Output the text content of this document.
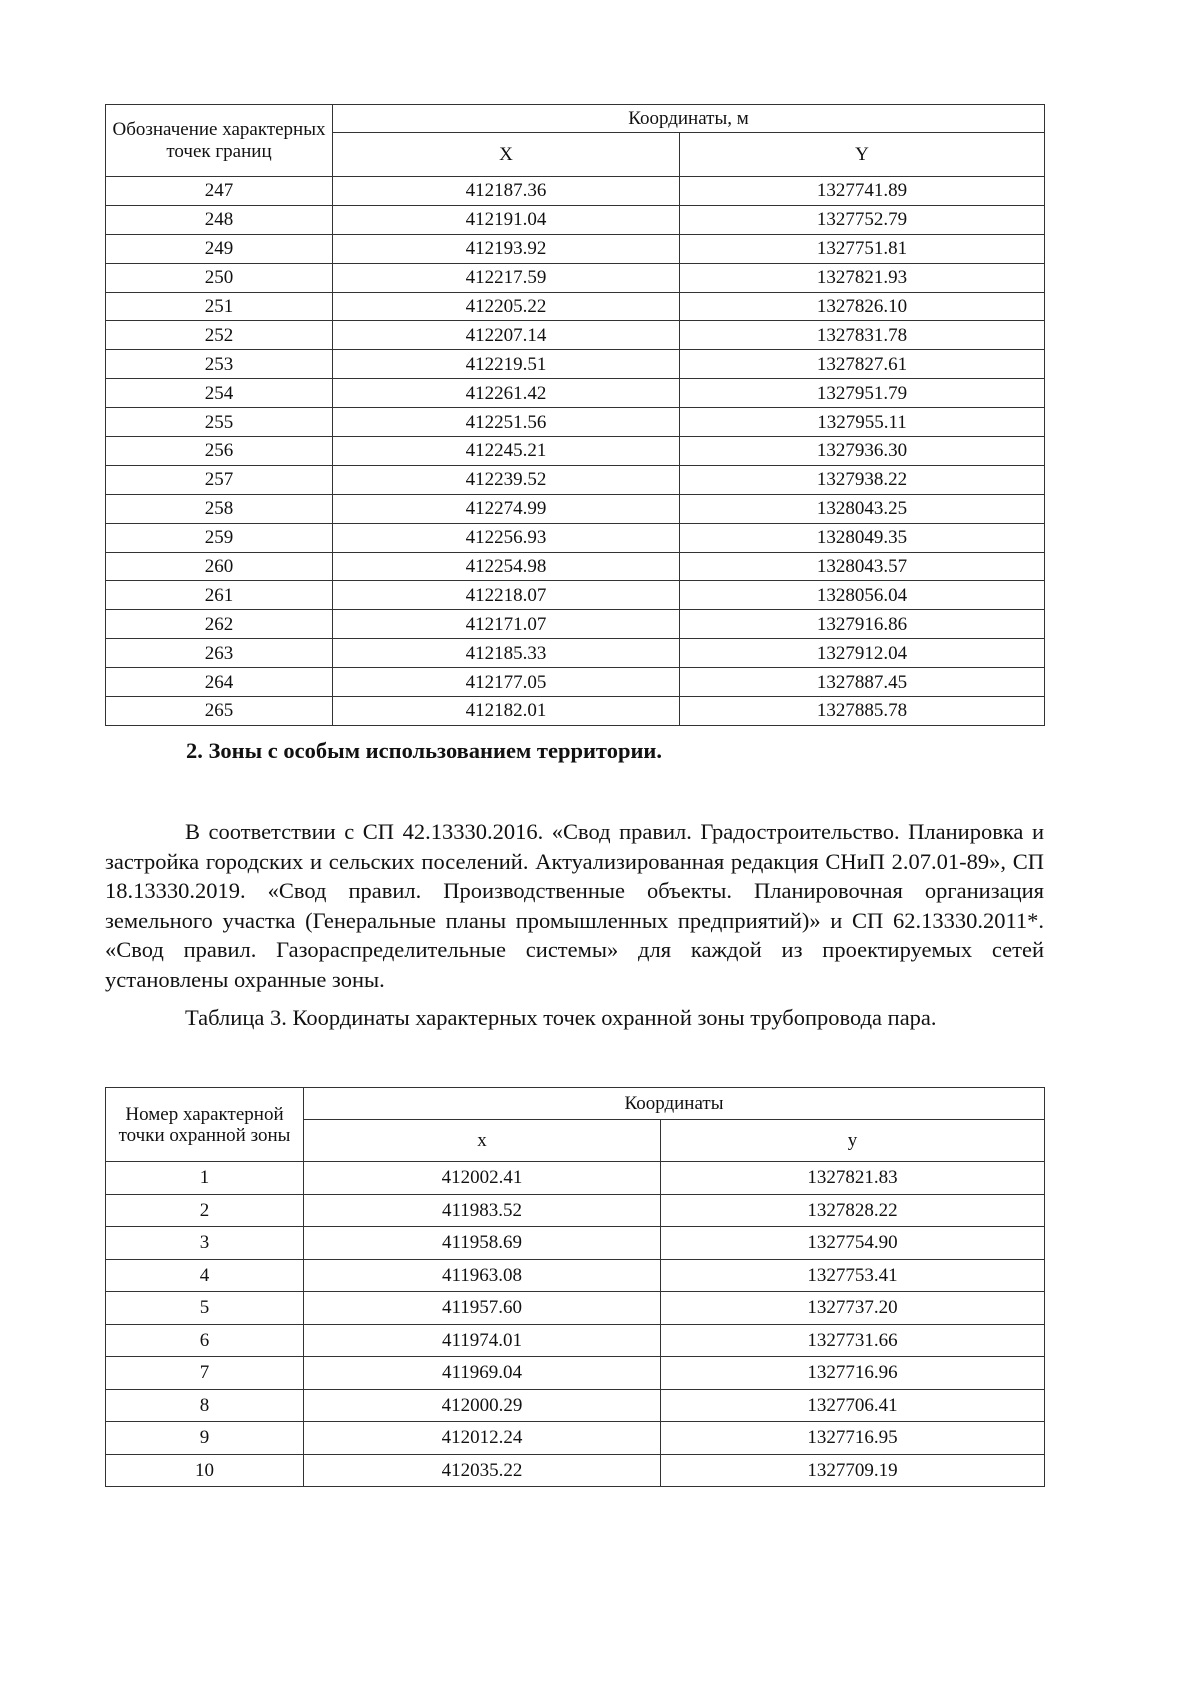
Обозначение характерных точек границ	Координаты, м	
	X	Y
247	412187.36	1327741.89
248	412191.04	1327752.79
249	412193.92	1327751.81
250	412217.59	1327821.93
251	412205.22	1327826.10
252	412207.14	1327831.78
253	412219.51	1327827.61
254	412261.42	1327951.79
255	412251.56	1327955.11
256	412245.21	1327936.30
257	412239.52	1327938.22
258	412274.99	1328043.25
259	412256.93	1328049.35
260	412254.98	1328043.57
261	412218.07	1328056.04
262	412171.07	1327916.86
263	412185.33	1327912.04
264	412177.05	1327887.45
265	412182.01	1327885.78
2. Зоны с особым использованием территории.
В соответствии с СП 42.13330.2016. «Свод правил. Градостроительство. Планировка и застройка городских и сельских поселений. Актуализированная редакция СНиП 2.07.01-89», СП 18.13330.2019. «Свод правил. Производственные объекты. Планировочная организация земельного участка (Генеральные планы промышленных предприятий)» и СП 62.13330.2011*. «Свод правил. Газораспределительные системы» для каждой из проектируемых сетей установлены охранные зоны.
Таблица 3. Координаты характерных точек охранной зоны трубопровода пара.
Номер характерной точки охранной зоны	Координаты	
	x	y
1	412002.41	1327821.83
2	411983.52	1327828.22
3	411958.69	1327754.90
4	411963.08	1327753.41
5	411957.60	1327737.20
6	411974.01	1327731.66
7	411969.04	1327716.96
8	412000.29	1327706.41
9	412012.24	1327716.95
10	412035.22	1327709.19
